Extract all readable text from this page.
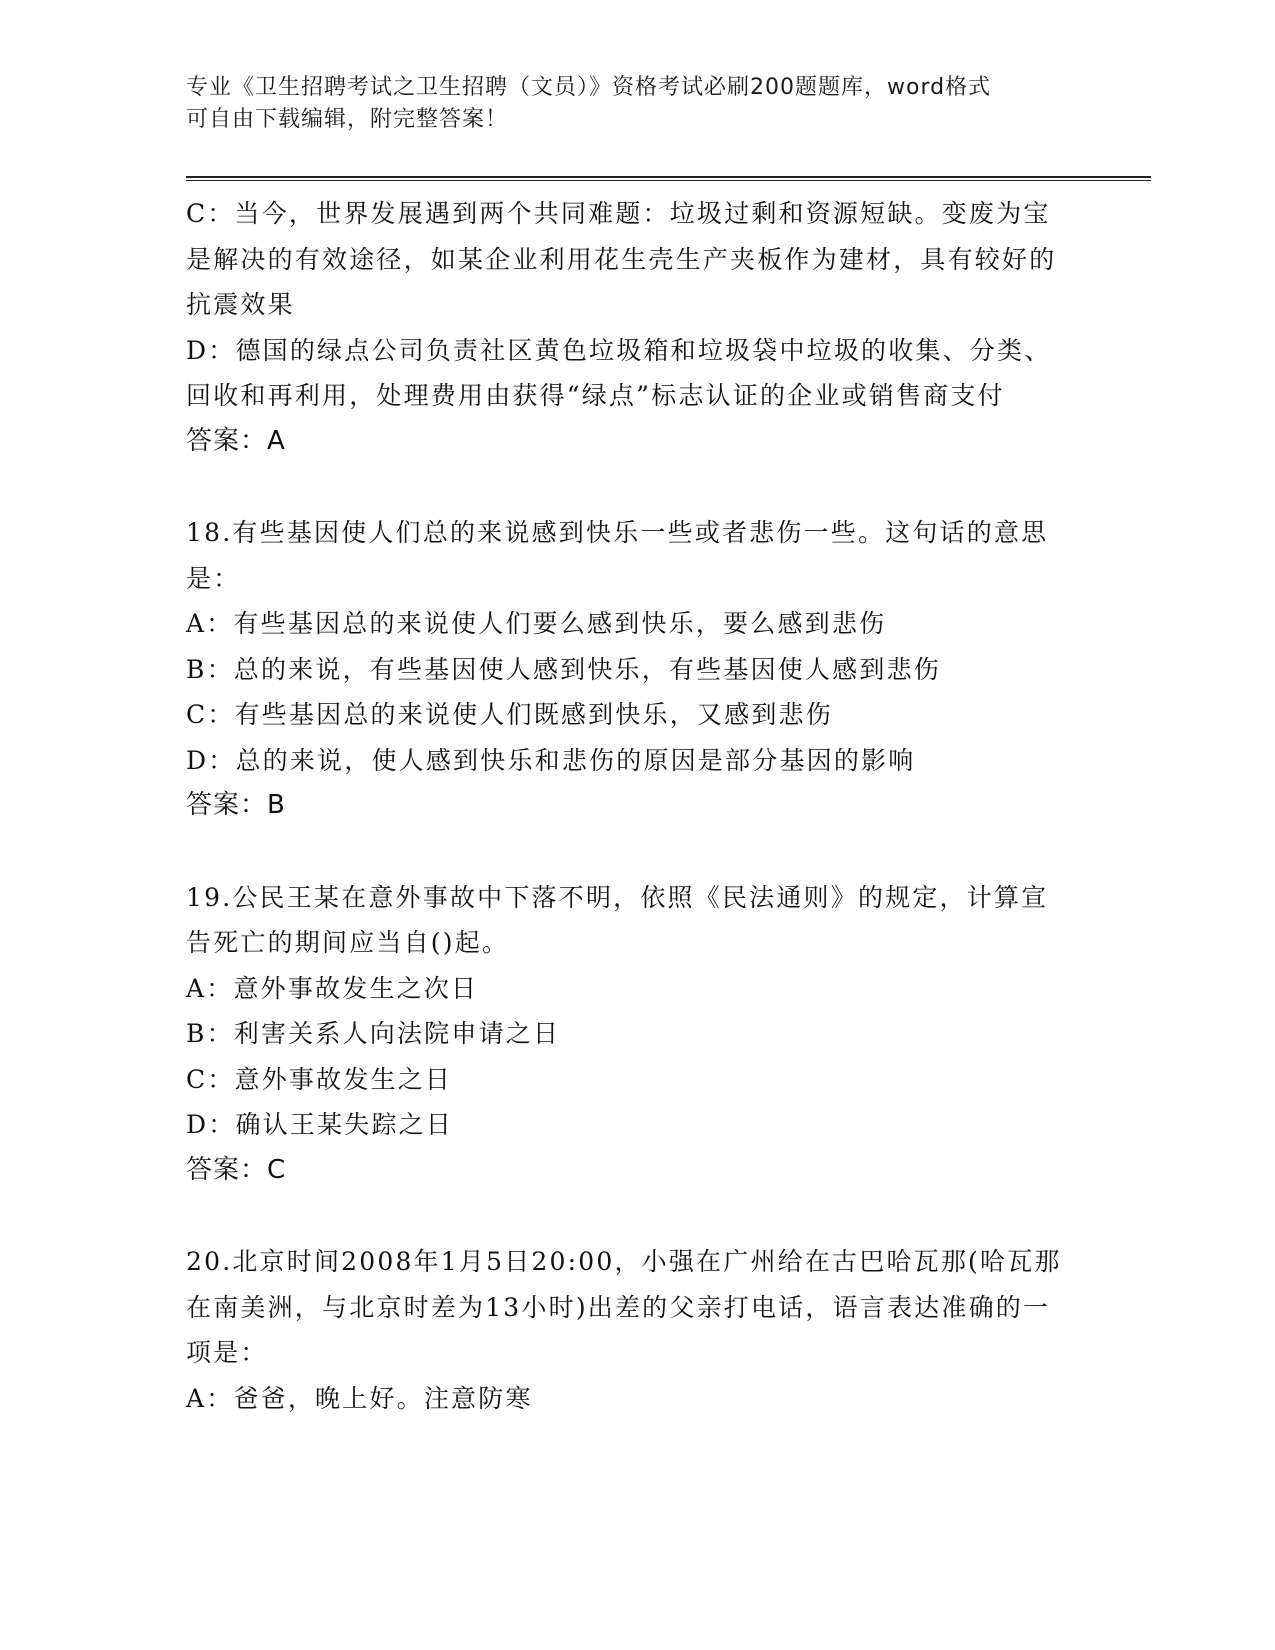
专业《卫生招聘考试之卫生招聘（文员）》资格考试必刷200题题库，word格式
可自由下载编辑，附完整答案！
C：当今，世界发展遇到两个共同难题：垃圾过剩和资源短缺。变废为宝是解决的有效途径，如某企业利用花生壳生产夹板作为建材，具有较好的抗震效果
D：德国的绿点公司负责社区黄色垃圾箱和垃圾袋中垃圾的收集、分类、回收和再利用，处理费用由获得“绿点”标志认证的企业或销售商支付
答案：A
18.有些基因使人们总的来说感到快乐一些或者悲伤一些。这句话的意思是：
A：有些基因总的来说使人们要么感到快乐，要么感到悲伤
B：总的来说，有些基因使人感到快乐，有些基因使人感到悲伤
C：有些基因总的来说使人们既感到快乐，又感到悲伤
D：总的来说，使人感到快乐和悲伤的原因是部分基因的影响
答案：B
19.公民王某在意外事故中下落不明，依照《民法通则》的规定，计算宣告死亡的期间应当自()起。
A：意外事故发生之次日
B：利害关系人向法院申请之日
C：意外事故发生之日
D：确认王某失踪之日
答案：C
20.北京时间2008年1月5日20:00，小强在广州给在古巴哈瓦那(哈瓦那在南美洲，与北京时差为13小时)出差的父亲打电话，语言表达准确的一项是：
A：爸爸，晚上好。注意防寒
